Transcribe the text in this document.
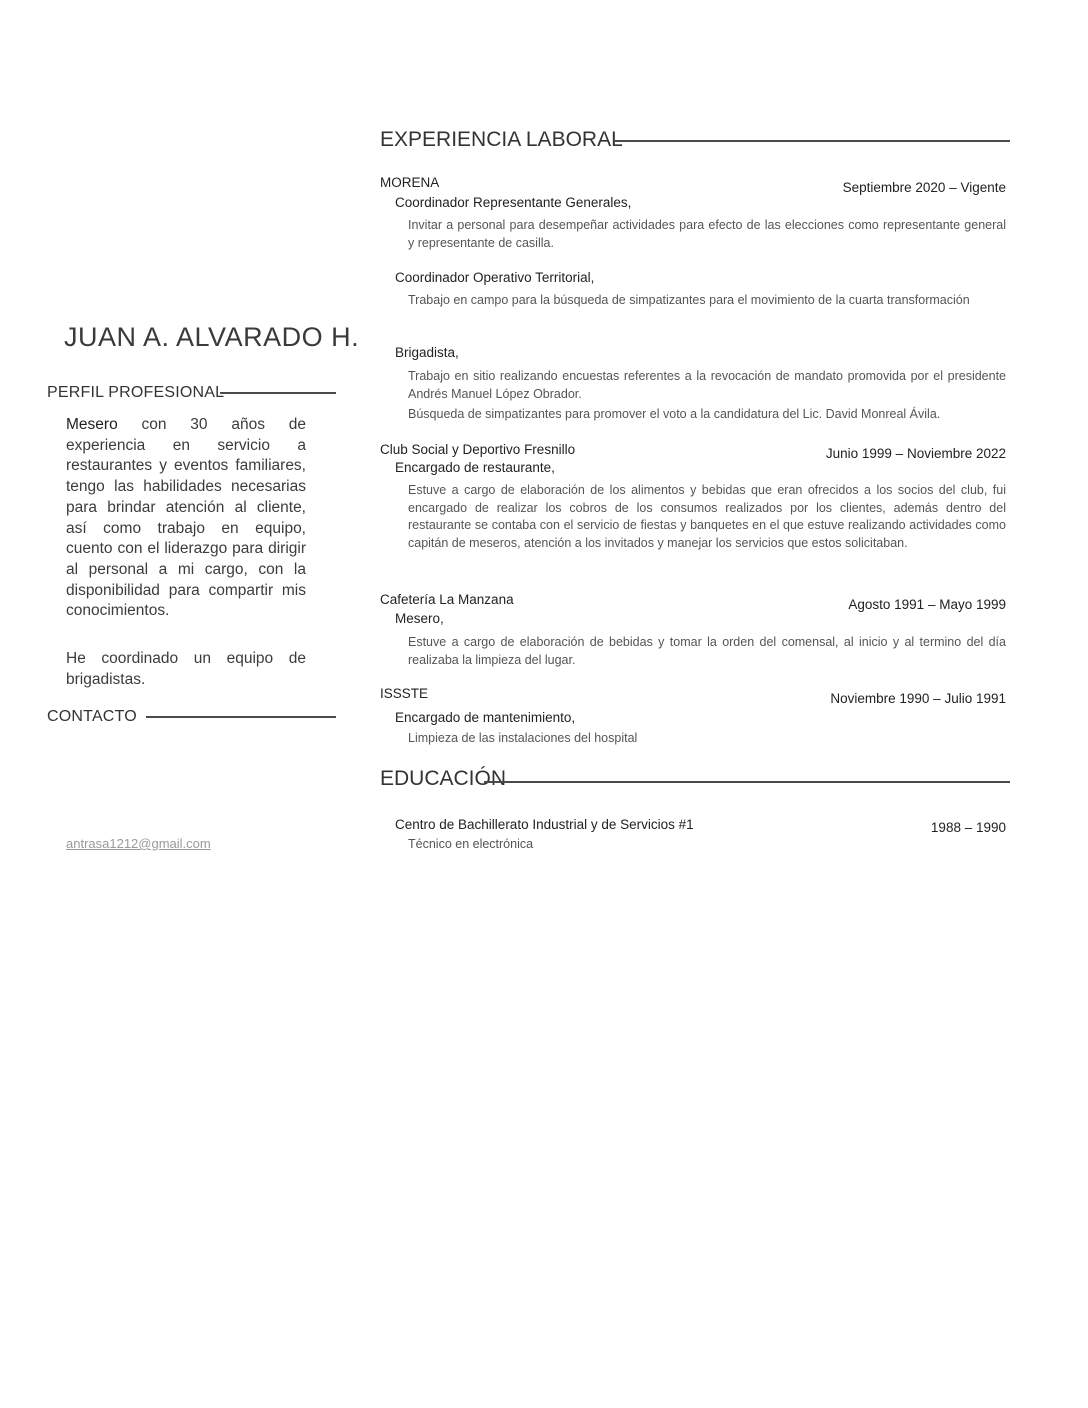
JUAN A. ALVARADO H.
PERFIL PROFESIONAL
Mesero con 30 años de experiencia en servicio a restaurantes y eventos familiares, tengo las habilidades necesarias para brindar atención al cliente, así como trabajo en equipo, cuento con el liderazgo para dirigir al personal a mi cargo, con la disponibilidad para compartir mis conocimientos.
He coordinado un equipo de brigadistas.
CONTACTO
antrasa1212@gmail.com
EXPERIENCIA LABORAL
MORENA	Septiembre 2020 – Vigente
Coordinador Representante Generales,
Invitar a personal para desempeñar actividades para efecto de las elecciones como representante general y representante de casilla.
Coordinador Operativo Territorial,
Trabajo en campo para la búsqueda de simpatizantes para el movimiento de la cuarta transformación
Brigadista,
Trabajo en sitio realizando encuestas referentes a la revocación de mandato promovida por el presidente Andrés Manuel López Obrador.
Búsqueda de simpatizantes para promover el voto a la candidatura del Lic. David Monreal Ávila.
Club Social y Deportivo Fresnillo	Junio 1999 – Noviembre 2022
Encargado de restaurante,
Estuve a cargo de elaboración de los alimentos y bebidas que eran ofrecidos a los socios del club, fui encargado de realizar los cobros de los consumos realizados por los clientes, además dentro del restaurante se contaba con el servicio de fiestas y banquetes en el que estuve realizando actividades como capitán de meseros, atención a los invitados y manejar los servicios que estos solicitaban.
Cafetería La Manzana	Agosto 1991 – Mayo 1999
Mesero,
Estuve a cargo de elaboración de bebidas y tomar la orden del comensal, al inicio y al termino del día realizaba la limpieza del lugar.
ISSSTE	Noviembre 1990 – Julio 1991
Encargado de mantenimiento,
Limpieza de las instalaciones del hospital
EDUCACIÓN
Centro de Bachillerato Industrial y de Servicios #1	1988 – 1990
Técnico en electrónica
